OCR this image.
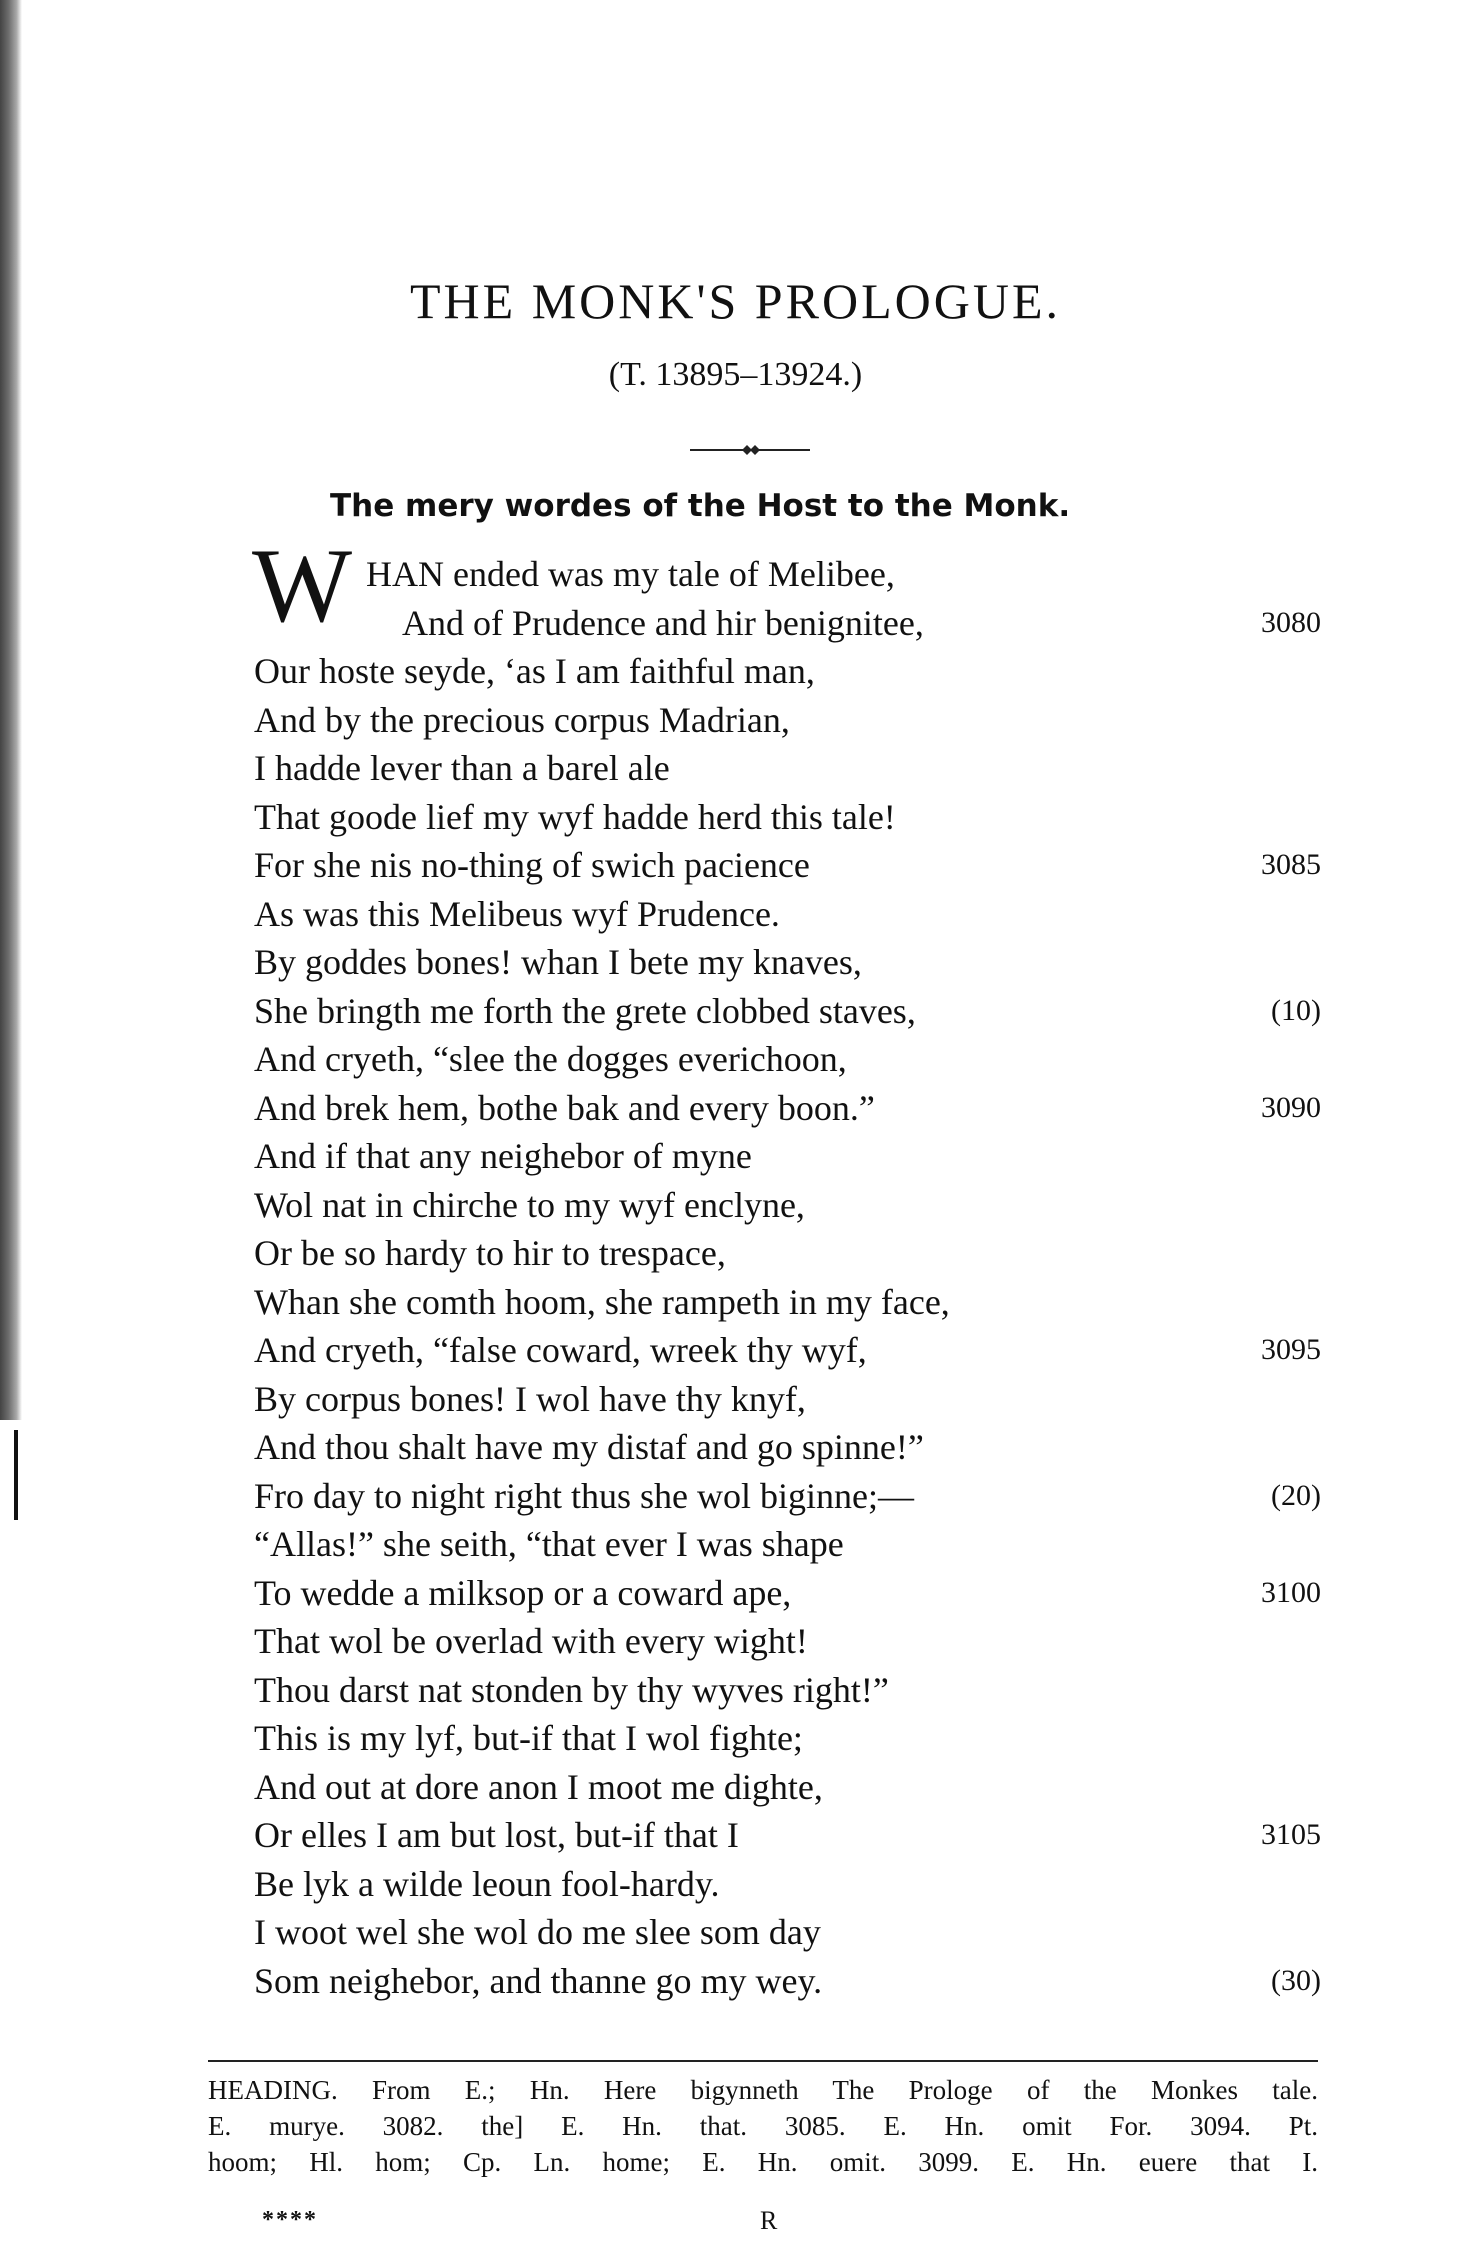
THE MONK'S PROLOGUE.
(T. 13895–13924.)
The mery wordes of the Host to the Monk.
W HAN ended was my tale of Melibee,
And of Prudence and hir benignitee,	3080
Our hoste seyde, ‘as I am faithful man,
And by the precious corpus Madrian,
I hadde lever than a barel ale
That goode lief my wyf hadde herd this tale!
For she nis no-thing of swich pacience	3085
As was this Melibeus wyf Prudence.
By goddes bones! whan I bete my knaves,
She bringth me forth the grete clobbed staves,	(10)
And cryeth, “slee the dogges everichoon,
And brek hem, bothe bak and every boon.”	3090
And if that any neighebor of myne
Wol nat in chirche to my wyf enclyne,
Or be so hardy to hir to trespace,
Whan she comth hoom, she rampeth in my face,
And cryeth, “false coward, wreek thy wyf,	3095
By corpus bones! I wol have thy knyf,
And thou shalt have my distaf and go spinne!”
Fro day to night right thus she wol biginne;—	(20)
“Allas!” she seith, “that ever I was shape
To wedde a milksop or a coward ape,	3100
That wol be overlad with every wight!
Thou darst nat stonden by thy wyves right!”
This is my lyf, but-if that I wol fighte;
And out at dore anon I moot me dighte,
Or elles I am but lost, but-if that I	3105
Be lyk a wilde leoun fool-hardy.
I woot wel she wol do me slee som day
Som neighebor, and thanne go my wey.	(30)
HEADING. From E.; Hn. Here bigynneth The Prologe of the Monkes tale.
E. murye. 3082. the] E. Hn. that. 3085. E. Hn. omit For. 3094. Pt.
hoom; Hl. hom; Cp. Ln. home; E. Hn. omit. 3099. E. Hn. euere that I.
****	R
